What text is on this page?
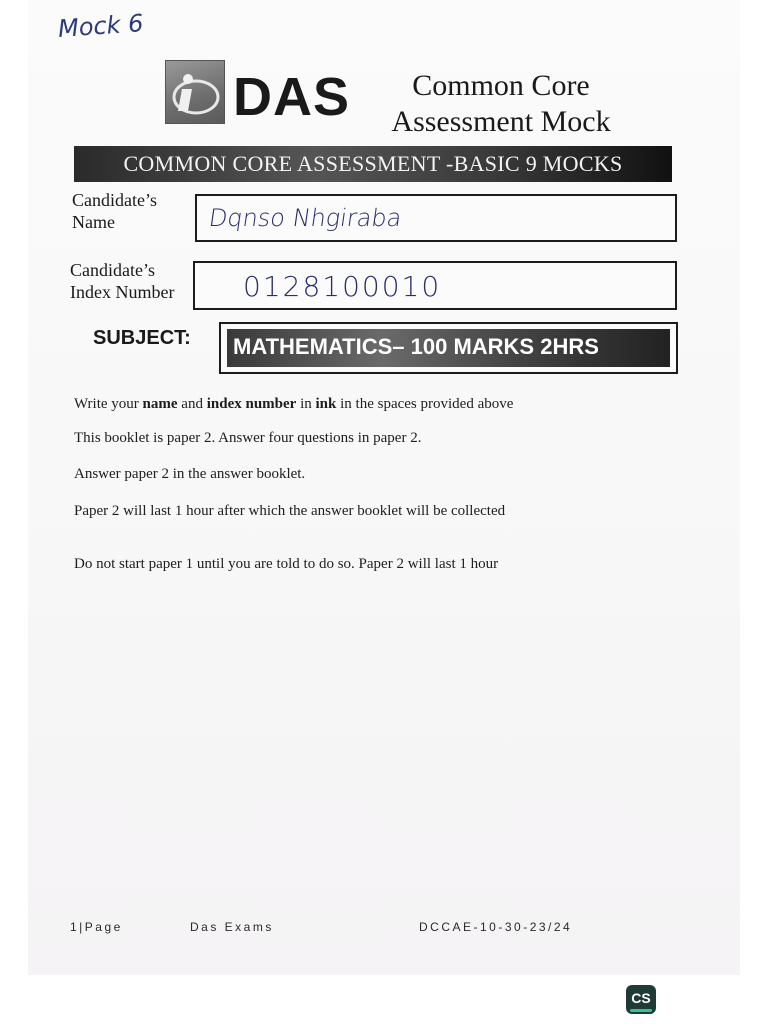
Mock 6
DAS	Common Core
Assessment Mock
COMMON CORE ASSESSMENT -BASIC 9 MOCKS
Candidate’s
Name	Dqnso Nhgiraba
Candidate’s
Index Number 0128100010
SUBJECT: MATHEMATICS– 100 MARKS 2HRS
Write your name and index number in ink in the spaces provided above
This booklet is paper 2. Answer four questions in paper 2.
Answer paper 2 in the answer booklet.
Paper 2 will last 1 hour after which the answer booklet will be collected
Do not start paper 1 until you are told to do so. Paper 2 will last 1 hour
1|Page	Das Exams	DCCAE-10-30-23/24
CS
